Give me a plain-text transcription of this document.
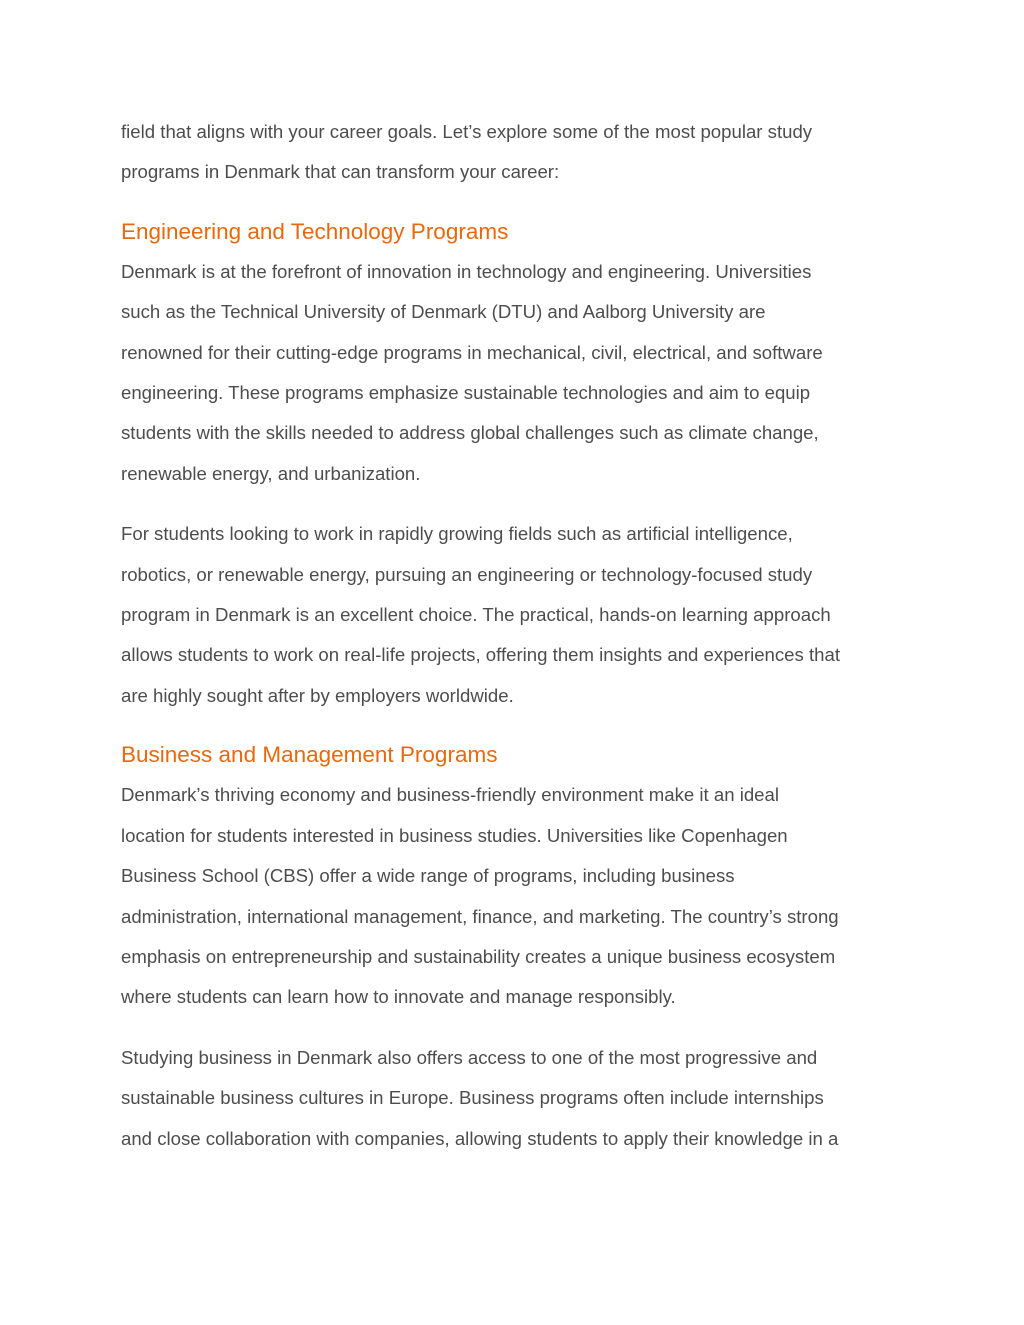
field that aligns with your career goals. Let’s explore some of the most popular study
programs in Denmark that can transform your career:

Engineering and Technology Programs

Denmark is at the forefront of innovation in technology and engineering. Universities
such as the Technical University of Denmark (DTU) and Aalborg University are
renowned for their cutting-edge programs in mechanical, civil, electrical, and software
engineering. These programs emphasize sustainable technologies and aim to equip
students with the skills needed to address global challenges such as climate change,
renewable energy, and urbanization.

For students looking to work in rapidly growing fields such as artificial intelligence,
robotics, or renewable energy, pursuing an engineering or technology-focused study
program in Denmark is an excellent choice. The practical, hands-on learning approach
allows students to work on real-life projects, offering them insights and experiences that
are highly sought after by employers worldwide.

Business and Management Programs

Denmark’s thriving economy and business-friendly environment make it an ideal
location for students interested in business studies. Universities like Copenhagen
Business School (CBS) offer a wide range of programs, including business
administration, international management, finance, and marketing. The country’s strong
emphasis on entrepreneurship and sustainability creates a unique business ecosystem
where students can learn how to innovate and manage responsibly.

Studying business in Denmark also offers access to one of the most progressive and
sustainable business cultures in Europe. Business programs often include internships
and close collaboration with companies, allowing students to apply their knowledge in a
